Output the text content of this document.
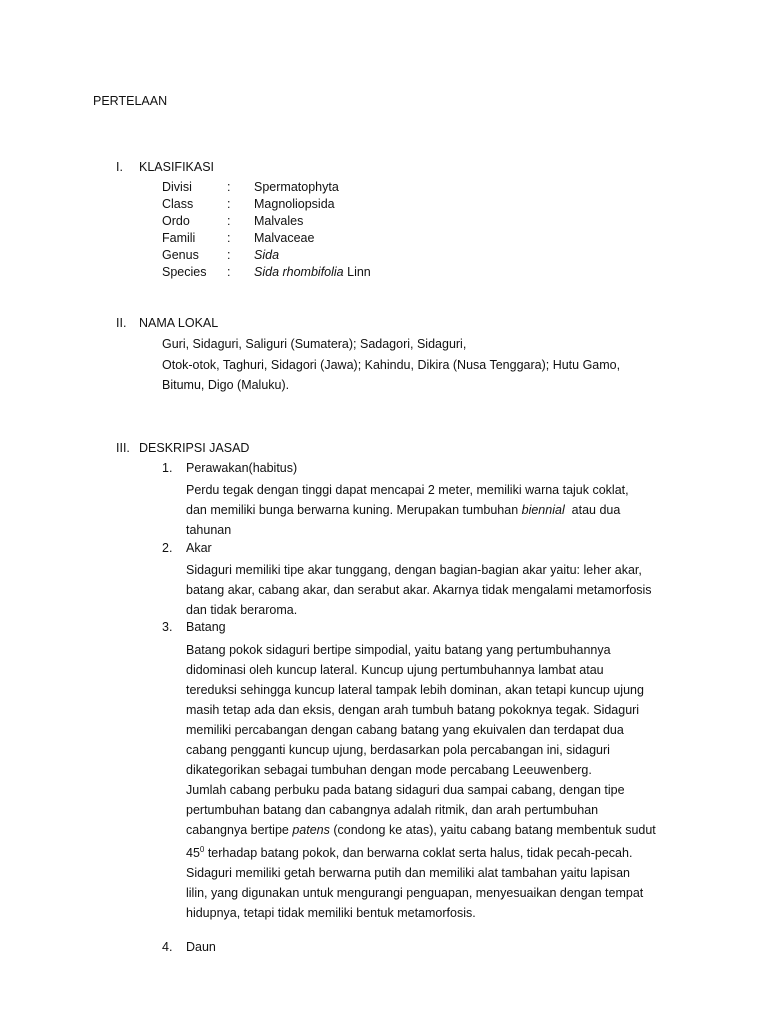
PERTELAAN
I. KLASIFIKASI
Divisi	: Spermatophyta
Class	: Magnoliopsida
Ordo	: Malvales
Famili	: Malvaceae
Genus	: Sida
Species	: Sida rhombifolia Linn
II. NAMA LOKAL
Guri, Sidaguri, Saliguri (Sumatera); Sadagori, Sidaguri,
Otok-otok, Taghuri, Sidagori (Jawa); Kahindu, Dikira (Nusa Tenggara); Hutu Gamo,
Bitumu, Digo (Maluku).
III. DESKRIPSI JASAD
1. Perawakan(habitus)
Perdu tegak dengan tinggi dapat mencapai 2 meter, memiliki warna tajuk coklat,
dan memiliki bunga berwarna kuning. Merupakan tumbuhan biennial  atau dua
tahunan
2. Akar
Sidaguri memiliki tipe akar tunggang, dengan bagian-bagian akar yaitu: leher akar,
batang akar, cabang akar, dan serabut akar. Akarnya tidak mengalami metamorfosis
dan tidak beraroma.
3. Batang
Batang pokok sidaguri bertipe simpodial, yaitu batang yang pertumbuhannya
didominasi oleh kuncup lateral. Kuncup ujung pertumbuhannya lambat atau
tereduksi sehingga kuncup lateral tampak lebih dominan, akan tetapi kuncup ujung
masih tetap ada dan eksis, dengan arah tumbuh batang pokoknya tegak. Sidaguri
memiliki percabangan dengan cabang batang yang ekuivalen dan terdapat dua
cabang pengganti kuncup ujung, berdasarkan pola percabangan ini, sidaguri
dikategorikan sebagai tumbuhan dengan mode percabang Leeuwenberg.
Jumlah cabang perbuku pada batang sidaguri dua sampai cabang, dengan tipe
pertumbuhan batang dan cabangnya adalah ritmik, dan arah pertumbuhan
cabangnya bertipe patens (condong ke atas), yaitu cabang batang membentuk sudut
$45^0$ terhadap batang pokok, dan berwarna coklat serta halus, tidak pecah-pecah.
Sidaguri memiliki getah berwarna putih dan memiliki alat tambahan yaitu lapisan
lilin, yang digunakan untuk mengurangi penguapan, menyesuaikan dengan tempat
hidupnya, tetapi tidak memiliki bentuk metamorfosis.
4. Daun
